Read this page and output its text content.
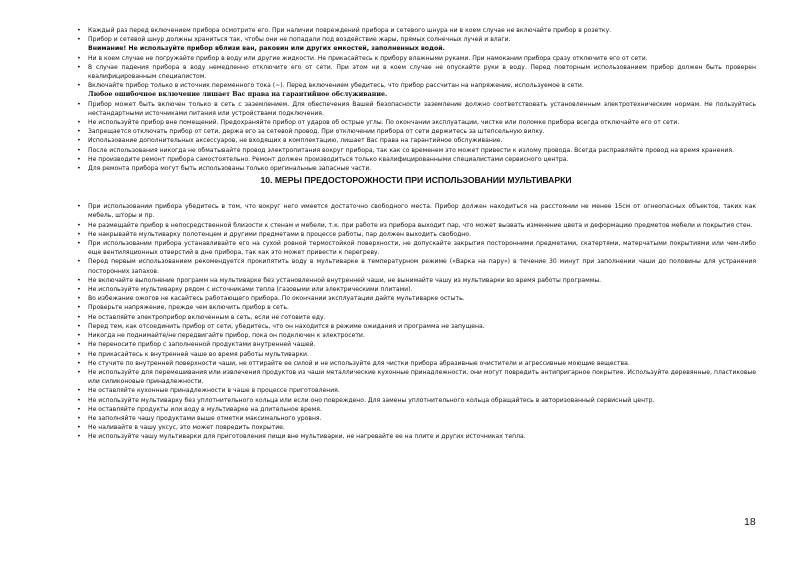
• Каждый раз перед включением прибора осмотрите его. При наличии повреждений прибора и сетевого шнура ни в коем случае не включайте прибор в розетку.
• Прибор и сетевой шнур должны храниться так, чтобы они не попадали под воздействие жары, прямых солнечных лучей и влаги.
Внимание! Не используйте прибор вблизи ван, раковин или других емкостей, заполненных водой.
• Ни в коем случае не погружайте прибор в воду или другие жидкости. Не прикасайтесь к прибору влажными руками. При намокании прибора сразу отключите его от сети.
• В случае падения прибора в воду немедленно отключите его от сети. При этом ни в коем случае не опускайте руки в воду. Перед повторным использованием прибор должен быть проверен квалифицированным специалистом.
• Включайте прибор только в источник переменного тока (~). Перед включением убедитесь, что прибор рассчитан на напряжение, используемое в сети.
Любое ошибочное включение лишает Вас права на гарантийное обслуживание.
• Прибор может быть включен только в сеть с заземлением. Для обеспечения Вашей безопасности заземление должно соответствовать установленным электротехническим нормам. Не пользуйтесь нестандартными источниками питания или устройствами подключения.
• Не используйте прибор вне помещений. Предохраняйте прибор от ударов об острые углы. По окончании эксплуатации, чистке или поломке прибора всегда отключайте его от сети.
• Запрещается отключать прибор от сети, держа его за сетевой провод. При отключении прибора от сети держитесь за штепсельную вилку.
• Использование дополнительных аксессуаров, не входящих в комплектацию, лишает Вас права на гарантийное обслуживание.
• После использования никогда не обматывайте провод электропитания вокруг прибора, так как со временем это может привести к излому провода. Всегда расправляйте провод на время хранения.
• Не производите ремонт прибора самостоятельно. Ремонт должен производиться только квалифицированными специалистами сервисного центра.
• Для ремонта прибора могут быть использованы только оригинальные запасные части.
10. МЕРЫ ПРЕДОСТОРОЖНОСТИ ПРИ ИСПОЛЬЗОВАНИИ МУЛЬТИВАРКИ
• При использовании прибора убедитесь в том, что вокруг него имеется достаточно свободного места. Прибор должен находиться на расстоянии не менее 15см от огнеопасных объектов, таких как мебель, шторы и пр.
• Не размещайте прибор в непосредственной близости к стенам и мебели, т.к. при работе из прибора выходит пар, что может вызвать изменение цвета и деформацию предметов мебели и покрытия стен.
• Не накрывайте мультиварку полотенцем и другими предметами в процессе работы, пар должен выходить свободно.
• При использовании прибора устанавливайте его на сухой ровной термостойкой поверхности, не допускайте закрытия посторонними предметами, скатертями, матерчатыми покрытиями или чем-либо еще вентиляционных отверстий в дне прибора, так как это может привести к перегреву.
• Перед первым использованием рекомендуется прокипятить воду в мультиварке в температурном режиме («Варка на пару») в течение 30 минут при заполнении чаши до половины для устранения посторонних запахов.
• Не включайте выполнение программ на мультиварке без установленной внутренней чаши, не вынимайте чашу из мультиварки во время работы программы.
• Не используйте мультиварку рядом с источниками тепла (газовыми или электрическими плитами).
• Во избежание ожогов не касайтесь работающего прибора. По окончании эксплуатации дайте мультиварке остыть.
• Проверьте напряжение, прежде чем включить прибор в сеть.
• Не оставляйте электроприбор включенным в сеть, если не готовите еду.
• Перед тем, как отсоединить прибор от сети, убедитесь, что он находится в режиме ожидания и программа не запущена.
• Никогда не поднимайте/не передвигайте прибор, пока он подключен к электросети.
• Не переносите прибор с заполненной продуктами внутренней чашей.
• Не прикасайтесь к внутренней чаше во время работы мультиварки.
• Не стучите по внутренней поверхности чаши, не оттирайте ее силой и не используйте для чистки прибора абразивные очистители и агрессивные моющие вещества.
• Не используйте для перемешивания или извлечения продуктов из чаши металлические кухонные принадлежности, они могут повредить антипригарное покрытие. Используйте деревянные, пластиковые или силиконовые принадлежности.
• Не оставляйте кухонные принадлежности в чаше в процессе приготовления.
• Не используйте мультиварку без уплотнительного кольца или если оно повреждено. Для замены уплотнительного кольца обращайтесь в авторизованный сервисный центр.
• Не оставляйте продукты или воду в мультиварке на длительное время.
• Не заполняйте чашу продуктами выше отметки максимального уровня.
• Не наливайте в чашу уксус, это может повредить покрытие.
• Не используйте чашу мультиварки для приготовления пищи вне мультиварки, не нагревайте ее на плите и других источниках тепла.
18
